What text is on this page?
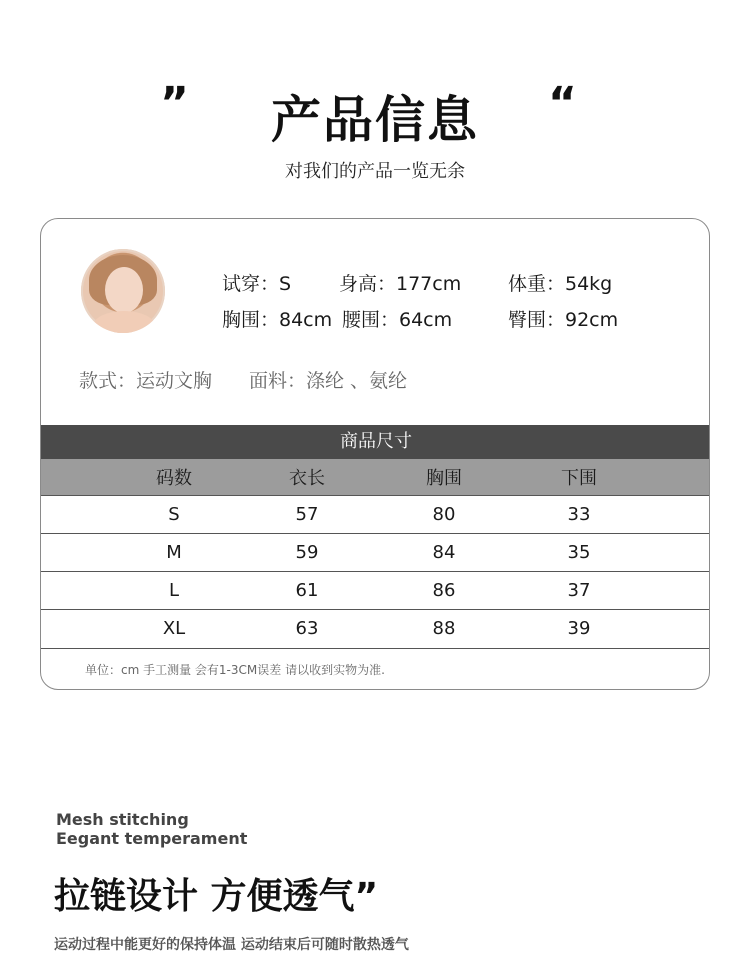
”	产品信息	“
对我们的产品一览无余
试穿：S	身高：177cm 体重：54kg
胸围：84cm 腰围：64cm	臀围：92cm
款式：运动文胸 面料：涤纶 、氨纶
商品尺寸
码数	衣长	胸围	下围
S	57	80	33
M	59	84	35
L	61	86	37
XL	63	88	39
单位：cm 手工测量 会有1-3CM误差 请以收到实物为准.
Mesh stitching
Eegant temperament
拉链设计 方便透气”
运动过程中能更好的保持体温 运动结束后可随时散热透气
